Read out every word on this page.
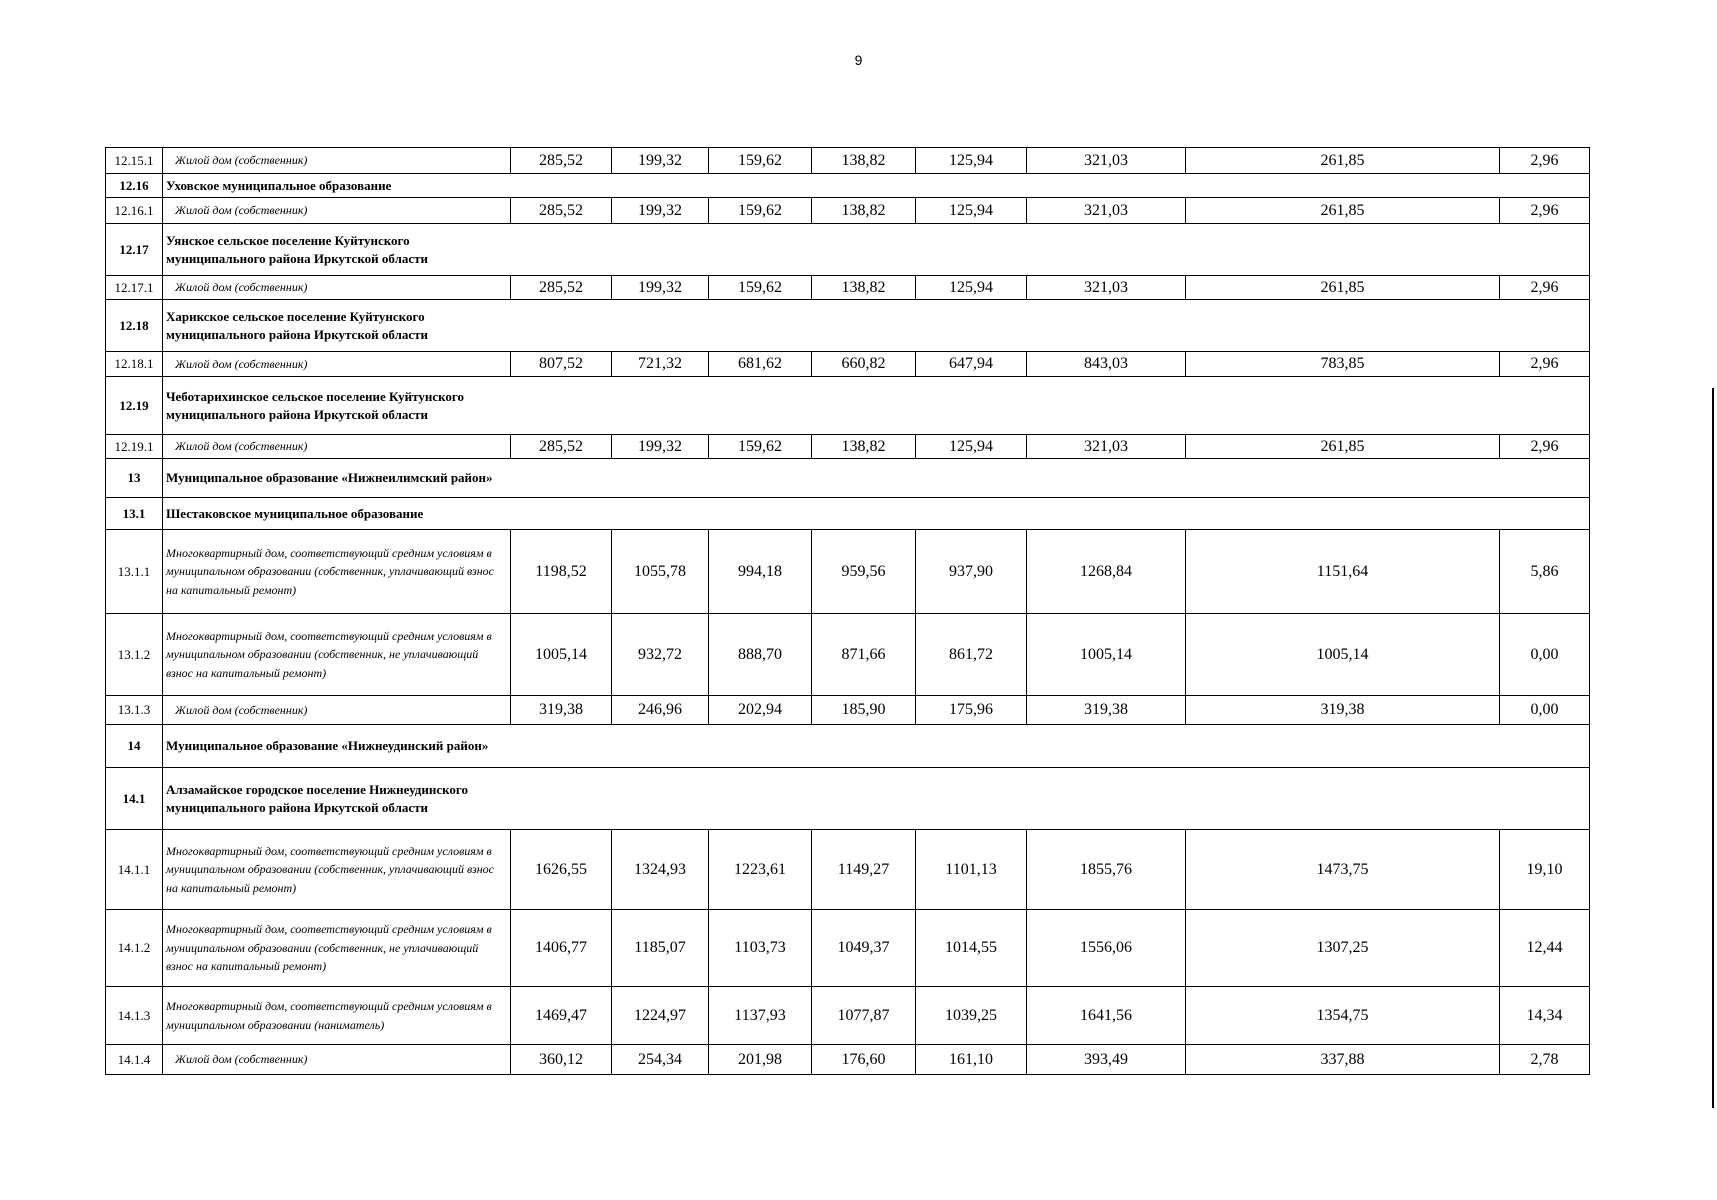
9
12.15.1	Жилой дом (собственник)	285,52	199,32	159,62	138,82	125,94	321,03	261,85	2,96
12.16	Уховское муниципальное образование								
12.16.1	Жилой дом (собственник)	285,52	199,32	159,62	138,82	125,94	321,03	261,85	2,96
12.17	Уянское сельское поселение Куйтунского муниципального района Иркутской области								
12.17.1	Жилой дом (собственник)	285,52	199,32	159,62	138,82	125,94	321,03	261,85	2,96
12.18	Харикское сельское поселение Куйтунского муниципального района Иркутской области								
12.18.1	Жилой дом (собственник)	807,52	721,32	681,62	660,82	647,94	843,03	783,85	2,96
12.19	Чеботарихинское сельское поселение Куйтунского муниципального района Иркутской области								
12.19.1	Жилой дом (собственник)	285,52	199,32	159,62	138,82	125,94	321,03	261,85	2,96
13	Муниципальное образование «Нижнеилимский район»								
13.1	Шестаковское муниципальное образование								
13.1.1	Многоквартирный дом, соответствующий средним условиям в муниципальном образовании (собственник, уплачивающий взнос на капитальный ремонт)	1198,52	1055,78	994,18	959,56	937,90	1268,84	1151,64	5,86
13.1.2	Многоквартирный дом, соответствующий средним условиям в муниципальном образовании (собственник, не уплачивающий взнос на капитальный ремонт)	1005,14	932,72	888,70	871,66	861,72	1005,14	1005,14	0,00
13.1.3	Жилой дом (собственник)	319,38	246,96	202,94	185,90	175,96	319,38	319,38	0,00
14	Муниципальное образование «Нижнеудинский район»								
14.1	Алзамайское городское поселение Нижнеудинского муниципального района Иркутской области								
14.1.1	Многоквартирный дом, соответствующий средним условиям в муниципальном образовании (собственник, уплачивающий взнос на капитальный ремонт)	1626,55	1324,93	1223,61	1149,27	1101,13	1855,76	1473,75	19,10
14.1.2	Многоквартирный дом, соответствующий средним условиям в муниципальном образовании (собственник, не уплачивающий взнос на капитальный ремонт)	1406,77	1185,07	1103,73	1049,37	1014,55	1556,06	1307,25	12,44
14.1.3	Многоквартирный дом, соответствующий средним условиям в муниципальном образовании (наниматель)	1469,47	1224,97	1137,93	1077,87	1039,25	1641,56	1354,75	14,34
14.1.4	Жилой дом (собственник)	360,12	254,34	201,98	176,60	161,10	393,49	337,88	2,78
